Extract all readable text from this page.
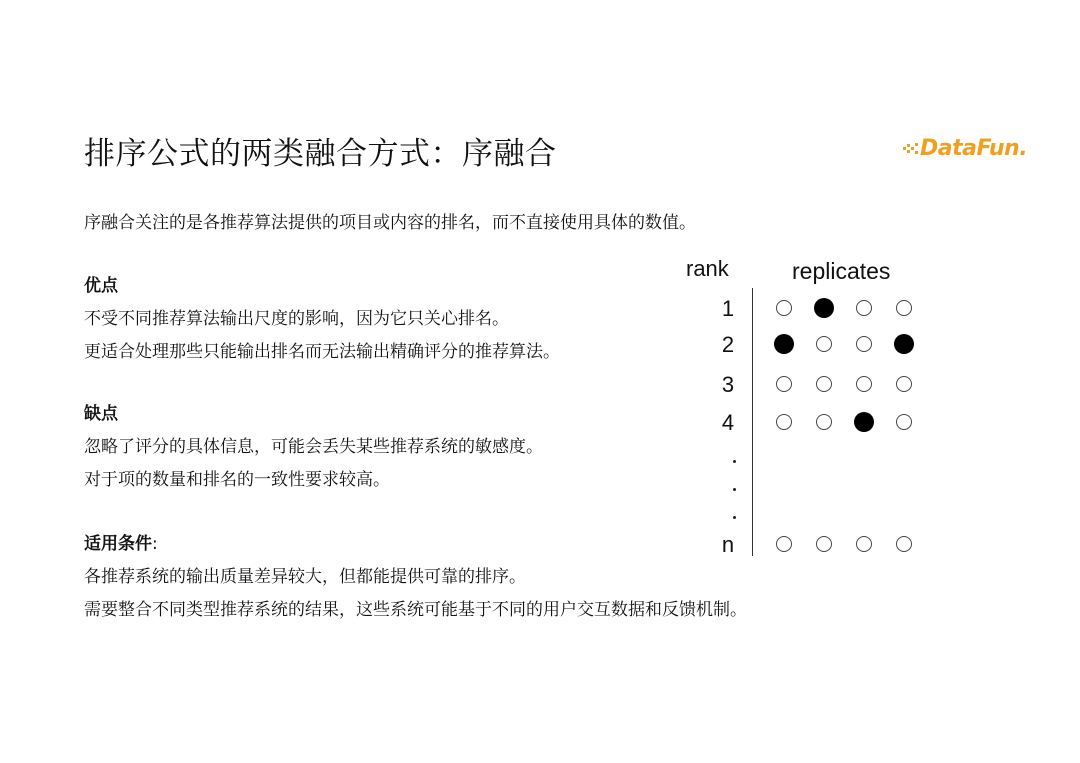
排序公式的两类融合方式：序融合	DataFun.
序融合关注的是各推荐算法提供的项目或内容的排名，而不直接使用具体的数值。
优点
不受不同推荐算法输出尺度的影响，因为它只关心排名。
更适合处理那些只能输出排名而无法输出精确评分的推荐算法。
缺点
忽略了评分的具体信息，可能会丢失某些推荐系统的敏感度。
对于项的数量和排名的一致性要求较高。
适用条件:
各推荐系统的输出质量差异较大，但都能提供可靠的排序。
需要整合不同类型推荐系统的结果，这些系统可能基于不同的用户交互数据和反馈机制。
rank	replicates
1
2
3
4
n
